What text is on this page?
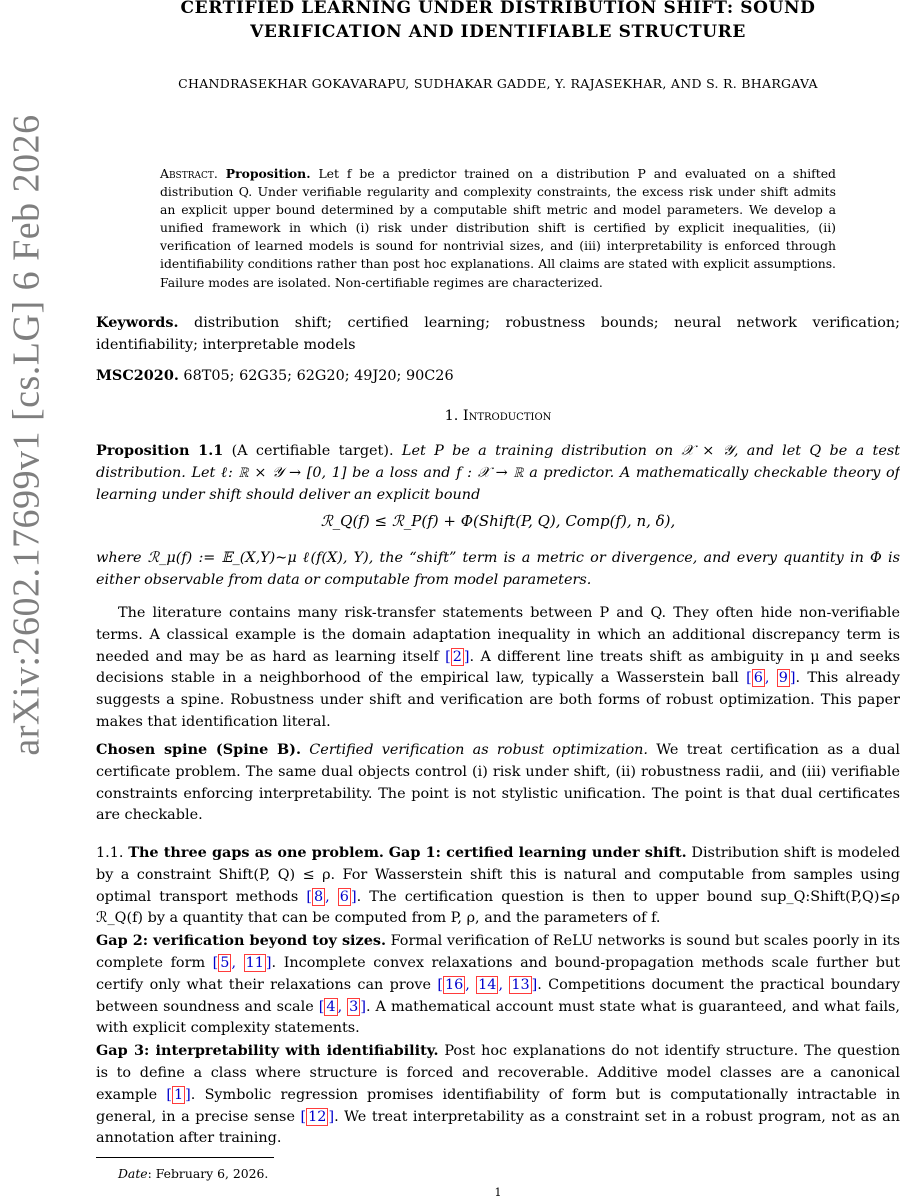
arXiv:2602.17699v1 [cs.LG] 6 Feb 2026
CERTIFIED LEARNING UNDER DISTRIBUTION SHIFT: SOUND
VERIFICATION AND IDENTIFIABLE STRUCTURE
CHANDRASEKHAR GOKAVARAPU, SUDHAKAR GADDE, Y. RAJASEKHAR, AND S. R. BHARGAVA
Abstract. Proposition. Let f be a predictor trained on a distribution P and evaluated on a shifted distribution Q. Under verifiable regularity and complexity constraints, the excess risk under shift admits an explicit upper bound determined by a computable shift metric and model parameters. We develop a unified framework in which (i) risk under distribution shift is certified by explicit inequalities, (ii) verification of learned models is sound for nontrivial sizes, and (iii) interpretability is enforced through identifiability conditions rather than post hoc explanations. All claims are stated with explicit assumptions. Failure modes are isolated. Non-certifiable regimes are characterized.
Keywords. distribution shift; certified learning; robustness bounds; neural network verification; identifiability; interpretable models
MSC2020. 68T05; 62G35; 62G20; 49J20; 90C26
1. Introduction
Proposition 1.1 (A certifiable target). Let P be a training distribution on 𝒳 × 𝒴, and let Q be a test distribution. Let ℓ: ℝ × 𝒴 → [0, 1] be a loss and f : 𝒳 → ℝ a predictor. A mathematically checkable theory of learning under shift should deliver an explicit bound
ℛ_Q(f) ≤ ℛ_P(f) + Φ(Shift(P, Q), Comp(f), n, δ),
where ℛ_μ(f) := 𝔼_(X,Y)∼μ ℓ(f(X), Y), the “shift” term is a metric or divergence, and every quantity in Φ is either observable from data or computable from model parameters.
The literature contains many risk-transfer statements between P and Q. They often hide non-verifiable terms. A classical example is the domain adaptation inequality in which an additional discrepancy term is needed and may be as hard as learning itself [ 2 ]. A different line treats shift as ambiguity in μ and seeks decisions stable in a neighborhood of the empirical law, typically a Wasserstein ball [ 6 , 9 ]. This already suggests a spine. Robustness under shift and verification are both forms of robust optimization. This paper makes that identification literal.
Chosen spine (Spine B). Certified verification as robust optimization. We treat certification as a dual certificate problem. The same dual objects control (i) risk under shift, (ii) robustness radii, and (iii) verifiable constraints enforcing interpretability. The point is not stylistic unification. The point is that dual certificates are checkable.
1.1. The three gaps as one problem. Gap 1: certified learning under shift. Distribution shift is modeled by a constraint Shift(P, Q) ≤ ρ. For Wasserstein shift this is natural and computable from samples using optimal transport methods [ 8 , 6 ]. The certification question is then to upper bound sup_Q:Shift(P,Q)≤ρ ℛ_Q(f) by a quantity that can be computed from P, ρ, and the parameters of f.
Gap 2: verification beyond toy sizes. Formal verification of ReLU networks is sound but scales poorly in its complete form [ 5 , 11 ]. Incomplete convex relaxations and bound-propagation methods scale further but certify only what their relaxations can prove [ 16 , 14 , 13 ]. Competitions document the practical boundary between soundness and scale [ 4 , 3 ]. A mathematical account must state what is guaranteed, and what fails, with explicit complexity statements.
Gap 3: interpretability with identifiability. Post hoc explanations do not identify structure. The question is to define a class where structure is forced and recoverable. Additive model classes are a canonical example [ 1 ]. Symbolic regression promises identifiability of form but is computationally intractable in general, in a precise sense [ 12 ]. We treat interpretability as a constraint set in a robust program, not as an annotation after training.
Date: February 6, 2026.
1
